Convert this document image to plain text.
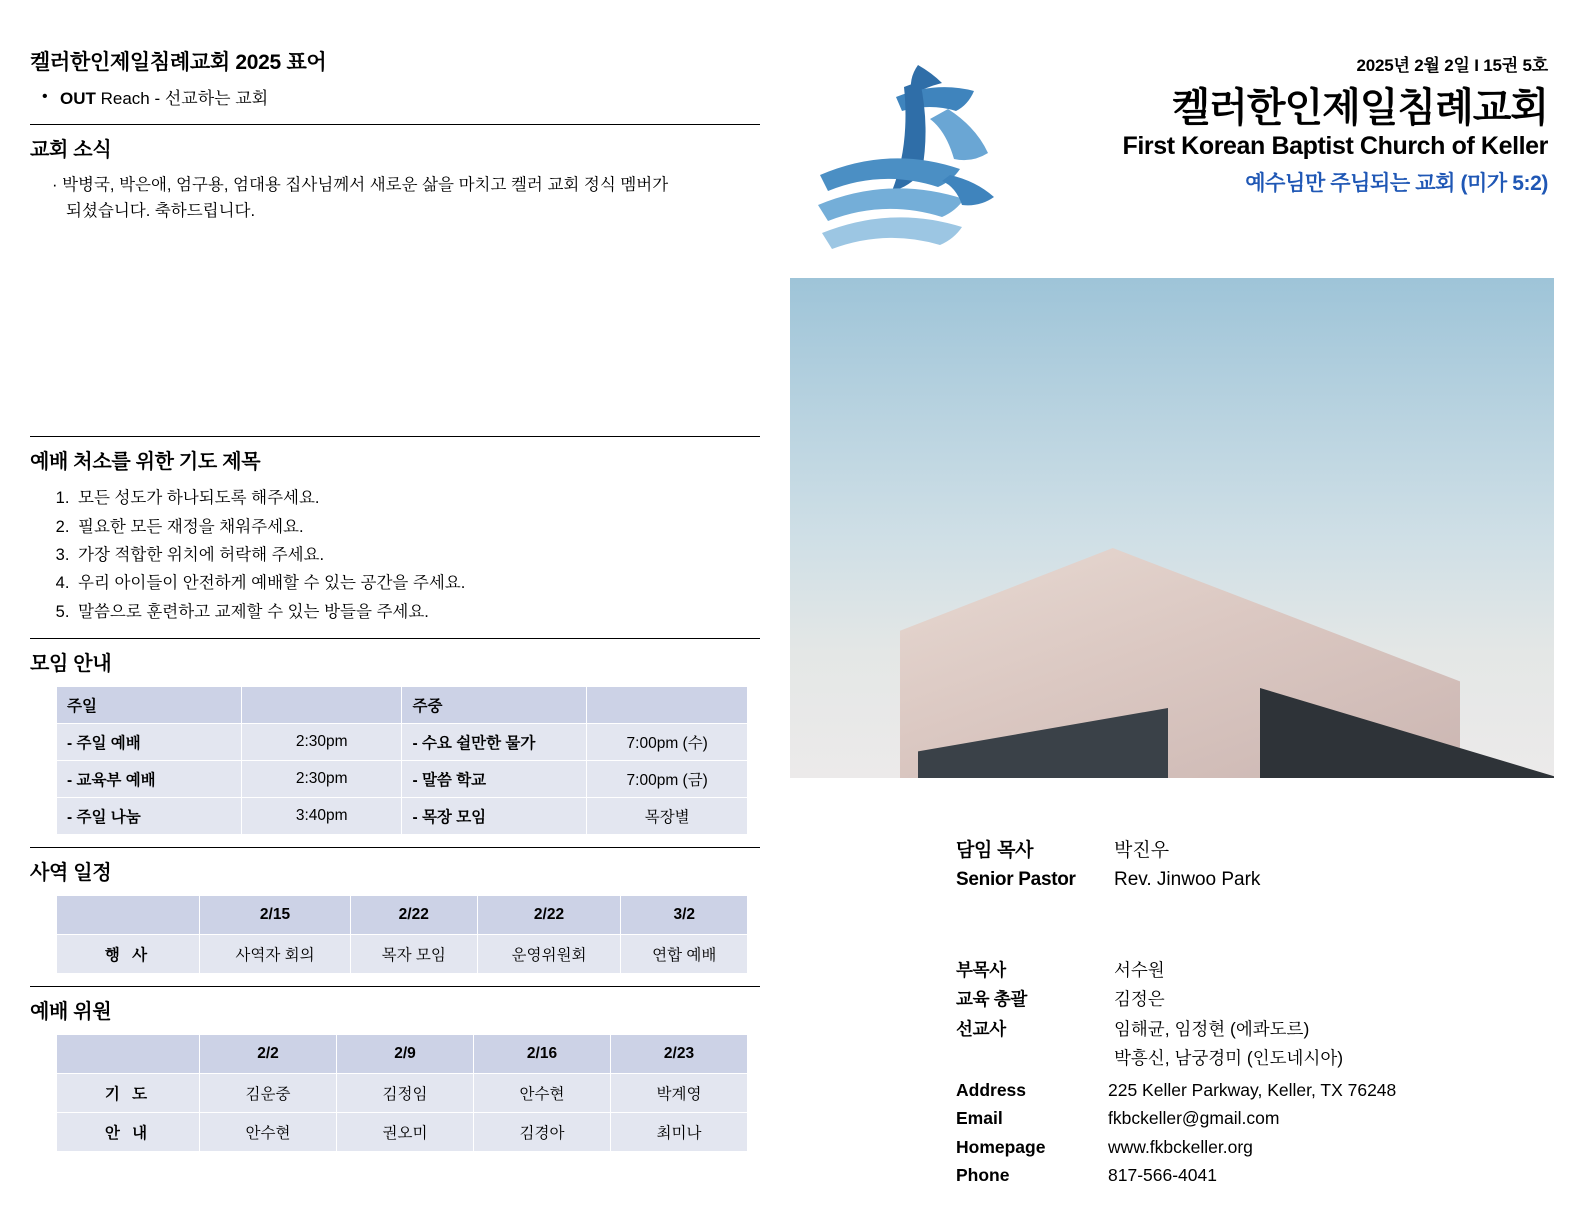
켈러한인제일침례교회 2025 표어
• OUT Reach - 선교하는 교회
교회 소식
· 박병국, 박은애, 엄구용, 엄대용 집사님께서 새로운 삶을 마치고 켈러 교회 정식 멤버가
되셨습니다. 축하드립니다.
예배 처소를 위한 기도 제목
1. 모든 성도가 하나되도록 해주세요.
2. 필요한 모든 재정을 채워주세요.
3. 가장 적합한 위치에 허락해 주세요.
4. 우리 아이들이 안전하게 예배할 수 있는 공간을 주세요.
5. 말씀으로 훈련하고 교제할 수 있는 방들을 주세요.
모임 안내
주일		주중	
- 주일 예배	2:30pm	- 수요 쉴만한 물가	7:00pm (수)
- 교육부 예배	2:30pm	- 말씀 학교	7:00pm (금)
- 주일 나눔	3:40pm	- 목장 모임	목장별
사역 일정
	2/15	2/22	2/22	3/2
행 사	사역자 회의	목자 모임	운영위원회	연합 예배
예배 위원
	2/2	2/9	2/16	2/23
기 도	김운중	김정임	안수현	박계영
안 내	안수현	권오미	김경아	최미나
2025년 2월 2일 I 15권 5호
켈러한인제일침례교회
First Korean Baptist Church of Keller
예수님만 주님되는 교회 (미가 5:2)
담임 목사	박진우
Senior Pastor	Rev. Jinwoo Park
부목사	서수원
교육 총괄	김정은
선교사	임해균, 임정현 (에콰도르)
박흥신, 남궁경미 (인도네시아)
Address	225 Keller Parkway, Keller, TX 76248
Email	fkbckeller@gmail.com
Homepage	www.fkbckeller.org
Phone	817-566-4041
